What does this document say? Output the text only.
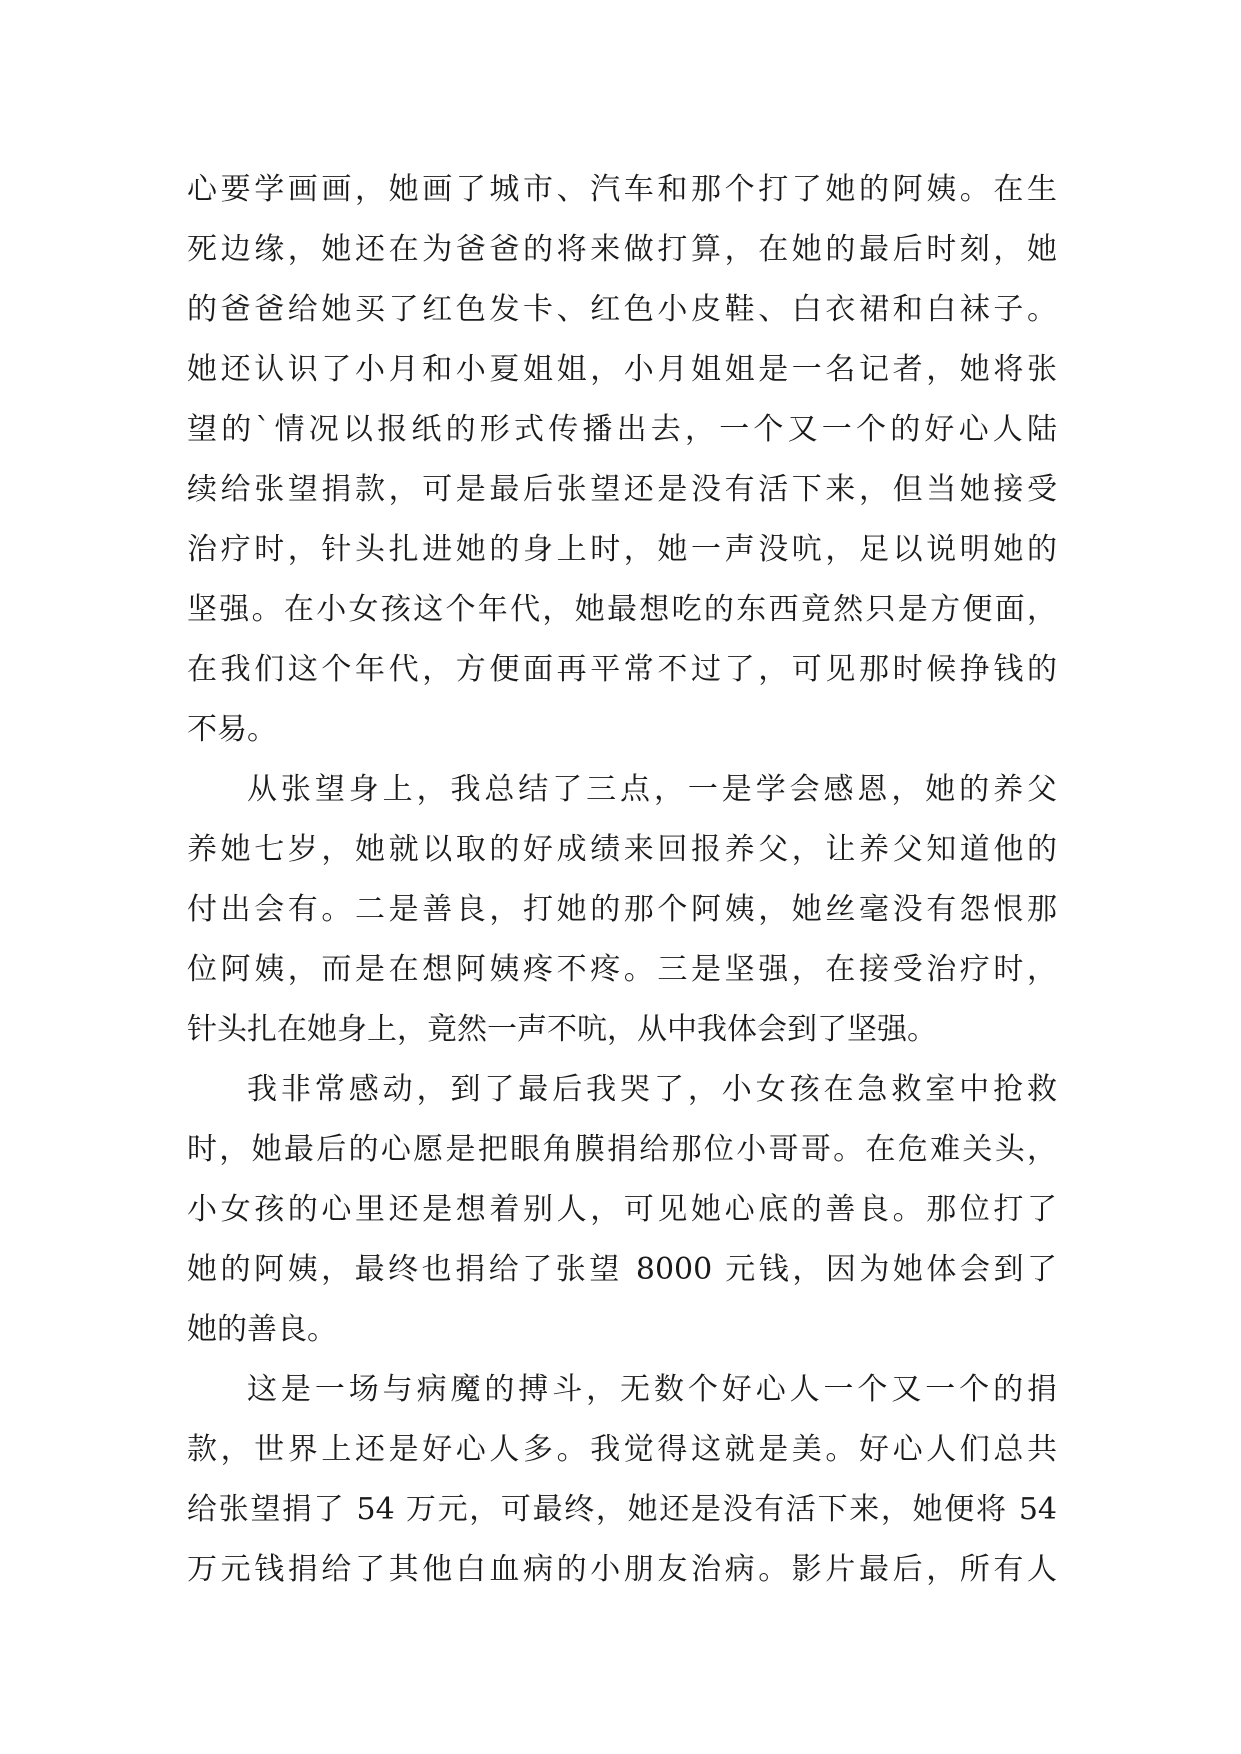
心要学画画，她画了城市、汽车和那个打了她的阿姨。在生
死边缘，她还在为爸爸的将来做打算，在她的最后时刻，她
的爸爸给她买了红色发卡、红色小皮鞋、白衣裙和白袜子。
她还认识了小月和小夏姐姐，小月姐姐是一名记者，她将张
望的`情况以报纸的形式传播出去，一个又一个的好心人陆
续给张望捐款，可是最后张望还是没有活下来，但当她接受
治疗时，针头扎进她的身上时，她一声没吭，足以说明她的
坚强。在小女孩这个年代，她最想吃的东西竟然只是方便面，
在我们这个年代，方便面再平常不过了，可见那时候挣钱的
不易。
从张望身上，我总结了三点，一是学会感恩，她的养父
养她七岁，她就以取的好成绩来回报养父，让养父知道他的
付出会有。二是善良，打她的那个阿姨，她丝毫没有怨恨那
位阿姨，而是在想阿姨疼不疼。三是坚强，在接受治疗时，
针头扎在她身上，竟然一声不吭，从中我体会到了坚强。
我非常感动，到了最后我哭了，小女孩在急救室中抢救
时，她最后的心愿是把眼角膜捐给那位小哥哥。在危难关头，
小女孩的心里还是想着别人，可见她心底的善良。那位打了
她的阿姨，最终也捐给了张望 8000 元钱，因为她体会到了
她的善良。
这是一场与病魔的搏斗，无数个好心人一个又一个的捐
款，世界上还是好心人多。我觉得这就是美。好心人们总共
给张望捐了 54 万元，可最终，她还是没有活下来，她便将 54
万元钱捐给了其他白血病的小朋友治病。影片最后，所有人
